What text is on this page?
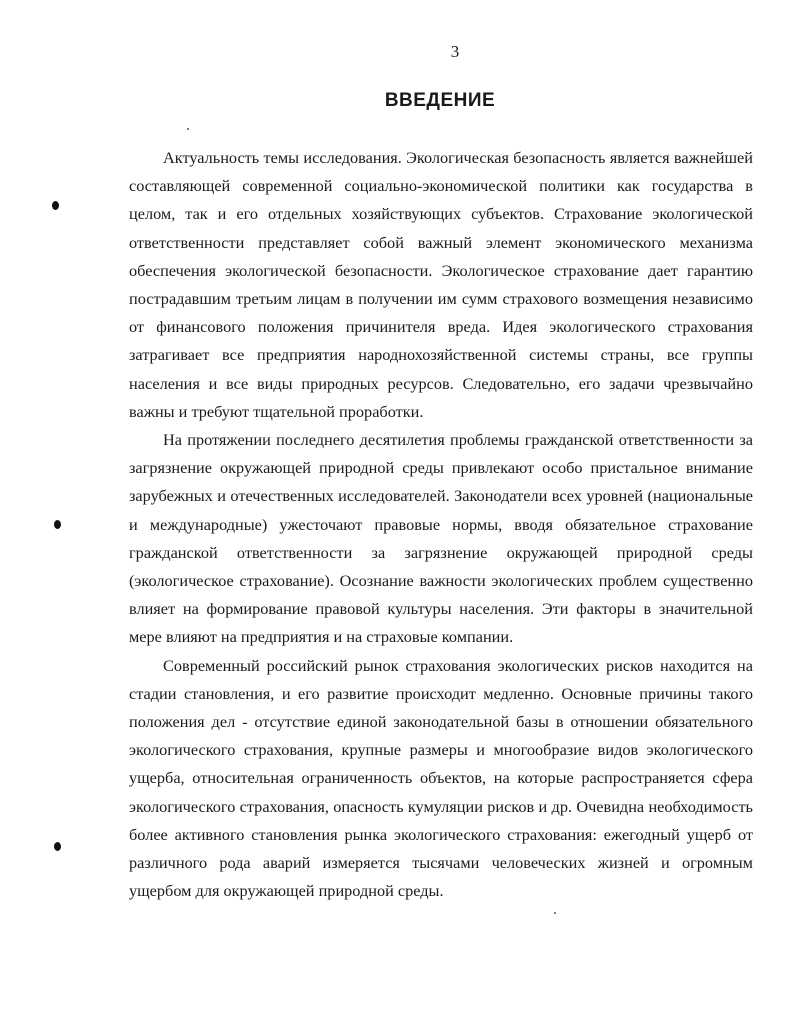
3
ВВЕДЕНИЕ

Актуальность темы исследования. Экологическая безопасность является важнейшей составляющей современной социально-экономической политики как государства в целом, так и его отдельных хозяйствующих субъектов. Страхование экологической ответственности представляет собой важный элемент экономического механизма обеспечения экологической безопасности. Экологическое страхование дает гарантию пострадавшим третьим лицам в получении им сумм страхового возмещения независимо от финансового положения причинителя вреда. Идея экологического страхования затрагивает все предприятия народнохозяйственной системы страны, все группы населения и все виды природных ресурсов. Следовательно, его задачи чрезвычайно важны и требуют тщательной проработки.

На протяжении последнего десятилетия проблемы гражданской ответственности за загрязнение окружающей природной среды привлекают особо пристальное внимание зарубежных и отечественных исследователей. Законодатели всех уровней (национальные и международные) ужесточают правовые нормы, вводя обязательное страхование гражданской ответственности за загрязнение окружающей природной среды (экологическое страхование). Осознание важности экологических проблем существенно влияет на формирование правовой культуры населения. Эти факторы в значительной мере влияют на предприятия и на страховые компании.

Современный российский рынок страхования экологических рисков находится на стадии становления, и его развитие происходит медленно. Основные причины такого положения дел - отсутствие единой законодательной базы в отношении обязательного экологического страхования, крупные размеры и многообразие видов экологического ущерба, относительная ограниченность объектов, на которые распространяется сфера экологического страхования, опасность кумуляции рисков и др. Очевидна необходимость более активного становления рынка экологического страхования: ежегодный ущерб от различного рода аварий измеряется тысячами человеческих жизней и огромным ущербом для окружающей природной среды.
